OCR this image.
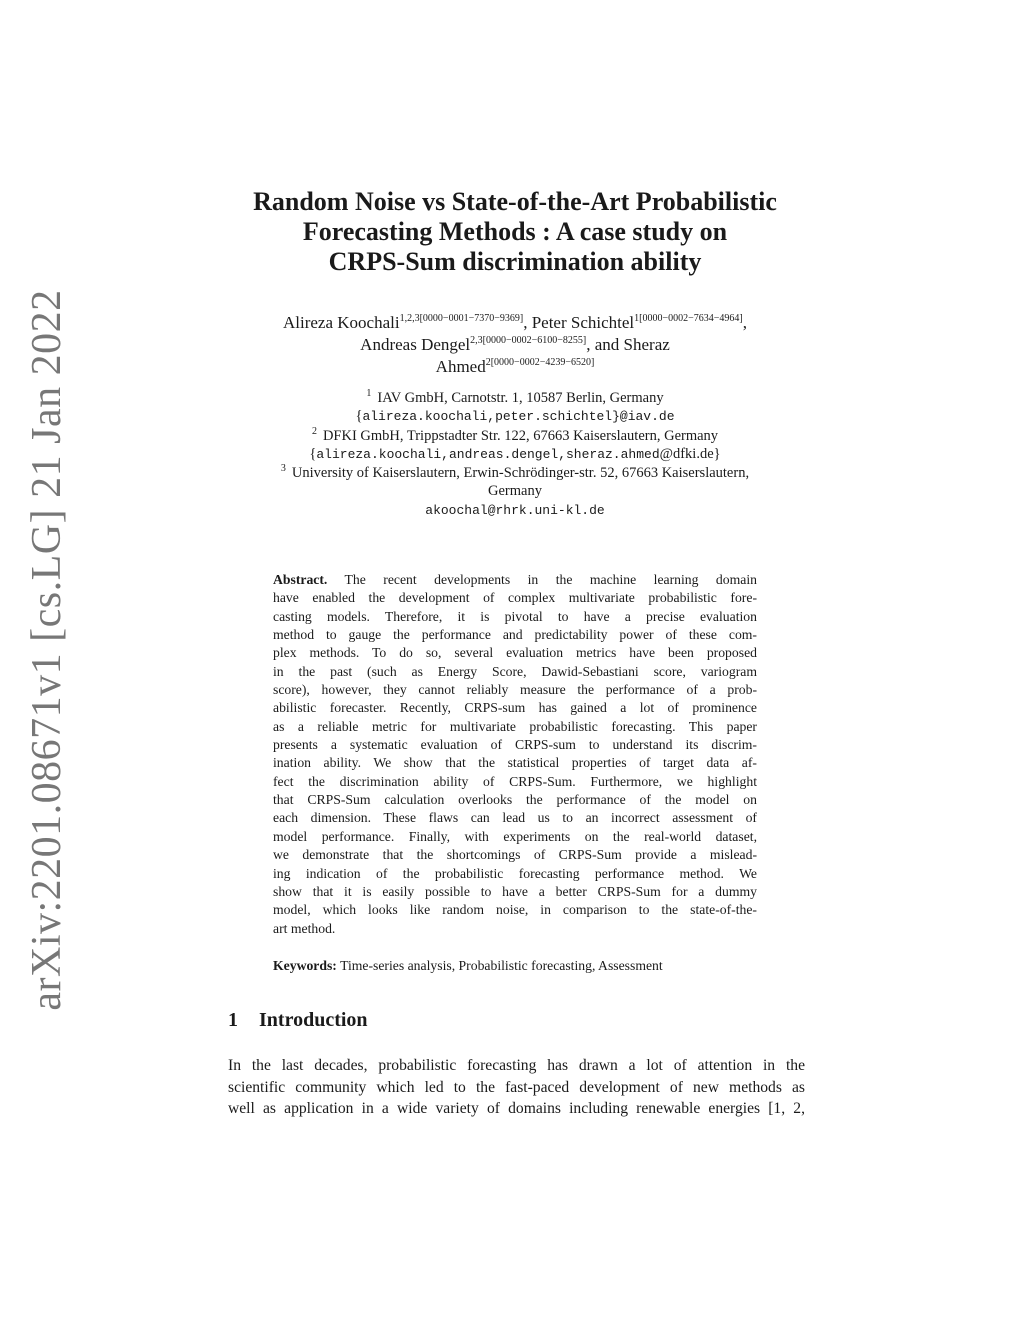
arXiv:2201.08671v1 [cs.LG] 21 Jan 2022
Random Noise vs State-of-the-Art Probabilistic
Forecasting Methods : A case study on
CRPS-Sum discrimination ability
Alireza Koochali$^{1,2,3[0000-0001-7370-9369]}$, Peter Schichtel$^{1[0000-0002-7634-4964]}$,
Andreas Dengel$^{2,3[0000-0002-6100-8255]}$, and Sheraz
Ahmed$^{2[0000-0002-4239-6520]}$
$^1$ IAV GmbH, Carnotstr. 1, 10587 Berlin, Germany
{alireza.koochali,peter.schichtel}@iav.de
$^2$ DFKI GmbH, Trippstadter Str. 122, 67663 Kaiserslautern, Germany
{alireza.koochali,andreas.dengel,sheraz.ahmed@dfki.de}
$^3$ University of Kaiserslautern, Erwin-Schrödinger-str. 52, 67663 Kaiserslautern,
Germany
akoochal@rhrk.uni-kl.de
Abstract. The recent developments in the machine learning domain
have enabled the development of complex multivariate probabilistic fore-
casting models. Therefore, it is pivotal to have a precise evaluation
method to gauge the performance and predictability power of these com-
plex methods. To do so, several evaluation metrics have been proposed
in the past (such as Energy Score, Dawid-Sebastiani score, variogram
score), however, they cannot reliably measure the performance of a prob-
abilistic forecaster. Recently, CRPS-sum has gained a lot of prominence
as a reliable metric for multivariate probabilistic forecasting. This paper
presents a systematic evaluation of CRPS-sum to understand its discrim-
ination ability. We show that the statistical properties of target data af-
fect the discrimination ability of CRPS-Sum. Furthermore, we highlight
that CRPS-Sum calculation overlooks the performance of the model on
each dimension. These flaws can lead us to an incorrect assessment of
model performance. Finally, with experiments on the real-world dataset,
we demonstrate that the shortcomings of CRPS-Sum provide a mislead-
ing indication of the probabilistic forecasting performance method. We
show that it is easily possible to have a better CRPS-Sum for a dummy
model, which looks like random noise, in comparison to the state-of-the-
art method.
Keywords: Time-series analysis, Probabilistic forecasting, Assessment
1 Introduction
In the last decades, probabilistic forecasting has drawn a lot of attention in the
scientific community which led to the fast-paced development of new methods as
well as application in a wide variety of domains including renewable energies [1, 2,
